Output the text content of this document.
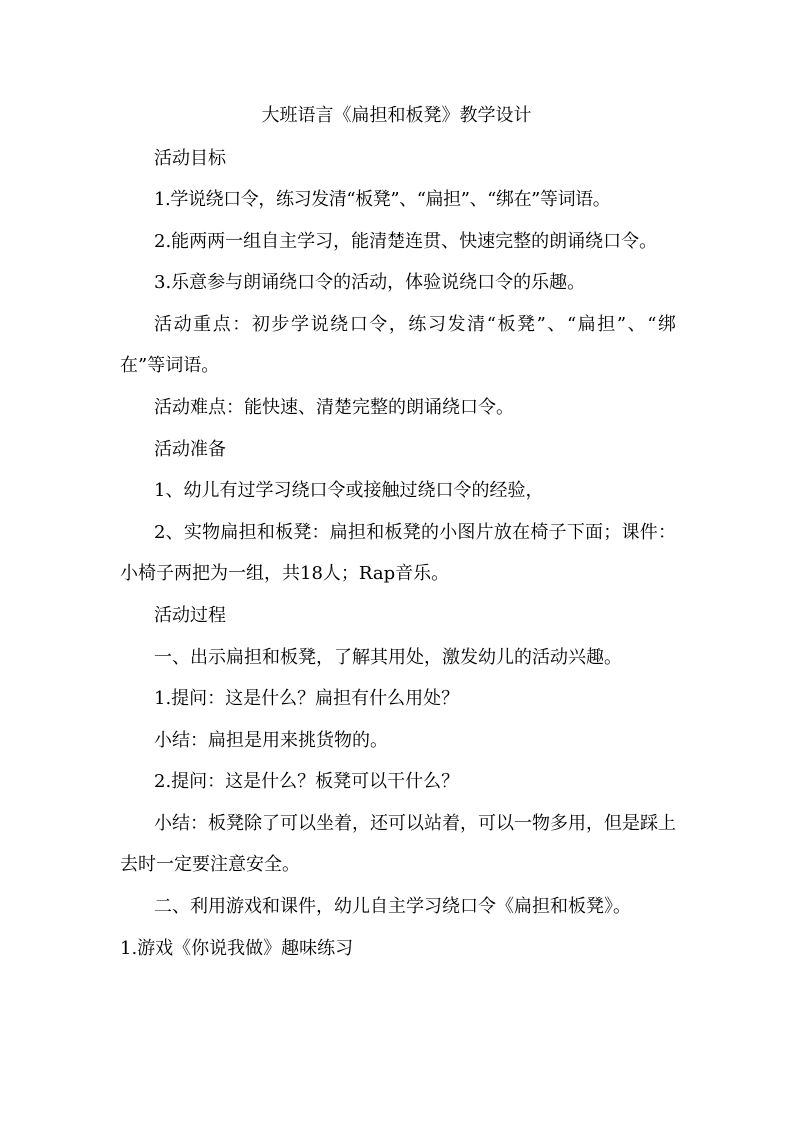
大班语言《扁担和板凳》教学设计

活动目标

1.学说绕口令，练习发清“板凳”、“扁担”、“绑在”等词语。

2.能两两一组自主学习，能清楚连贯、快速完整的朗诵绕口令。

3.乐意参与朗诵绕口令的活动，体验说绕口令的乐趣。

活动重点：初步学说绕口令，练习发清“板凳”、“扁担”、“绑在”等词语。

活动难点：能快速、清楚完整的朗诵绕口令。

活动准备

1、幼儿有过学习绕口令或接触过绕口令的经验，

2、实物扁担和板凳：扁担和板凳的小图片放在椅子下面；课件：小椅子两把为一组，共18人；Rap音乐。

活动过程

一、出示扁担和板凳，了解其用处，激发幼儿的活动兴趣。

1.提问：这是什么？扁担有什么用处？

小结：扁担是用来挑货物的。

2.提问：这是什么？板凳可以干什么？

小结：板凳除了可以坐着，还可以站着，可以一物多用，但是踩上去时一定要注意安全。

二、利用游戏和课件，幼儿自主学习绕口令《扁担和板凳》。

1.游戏《你说我做》趣味练习
